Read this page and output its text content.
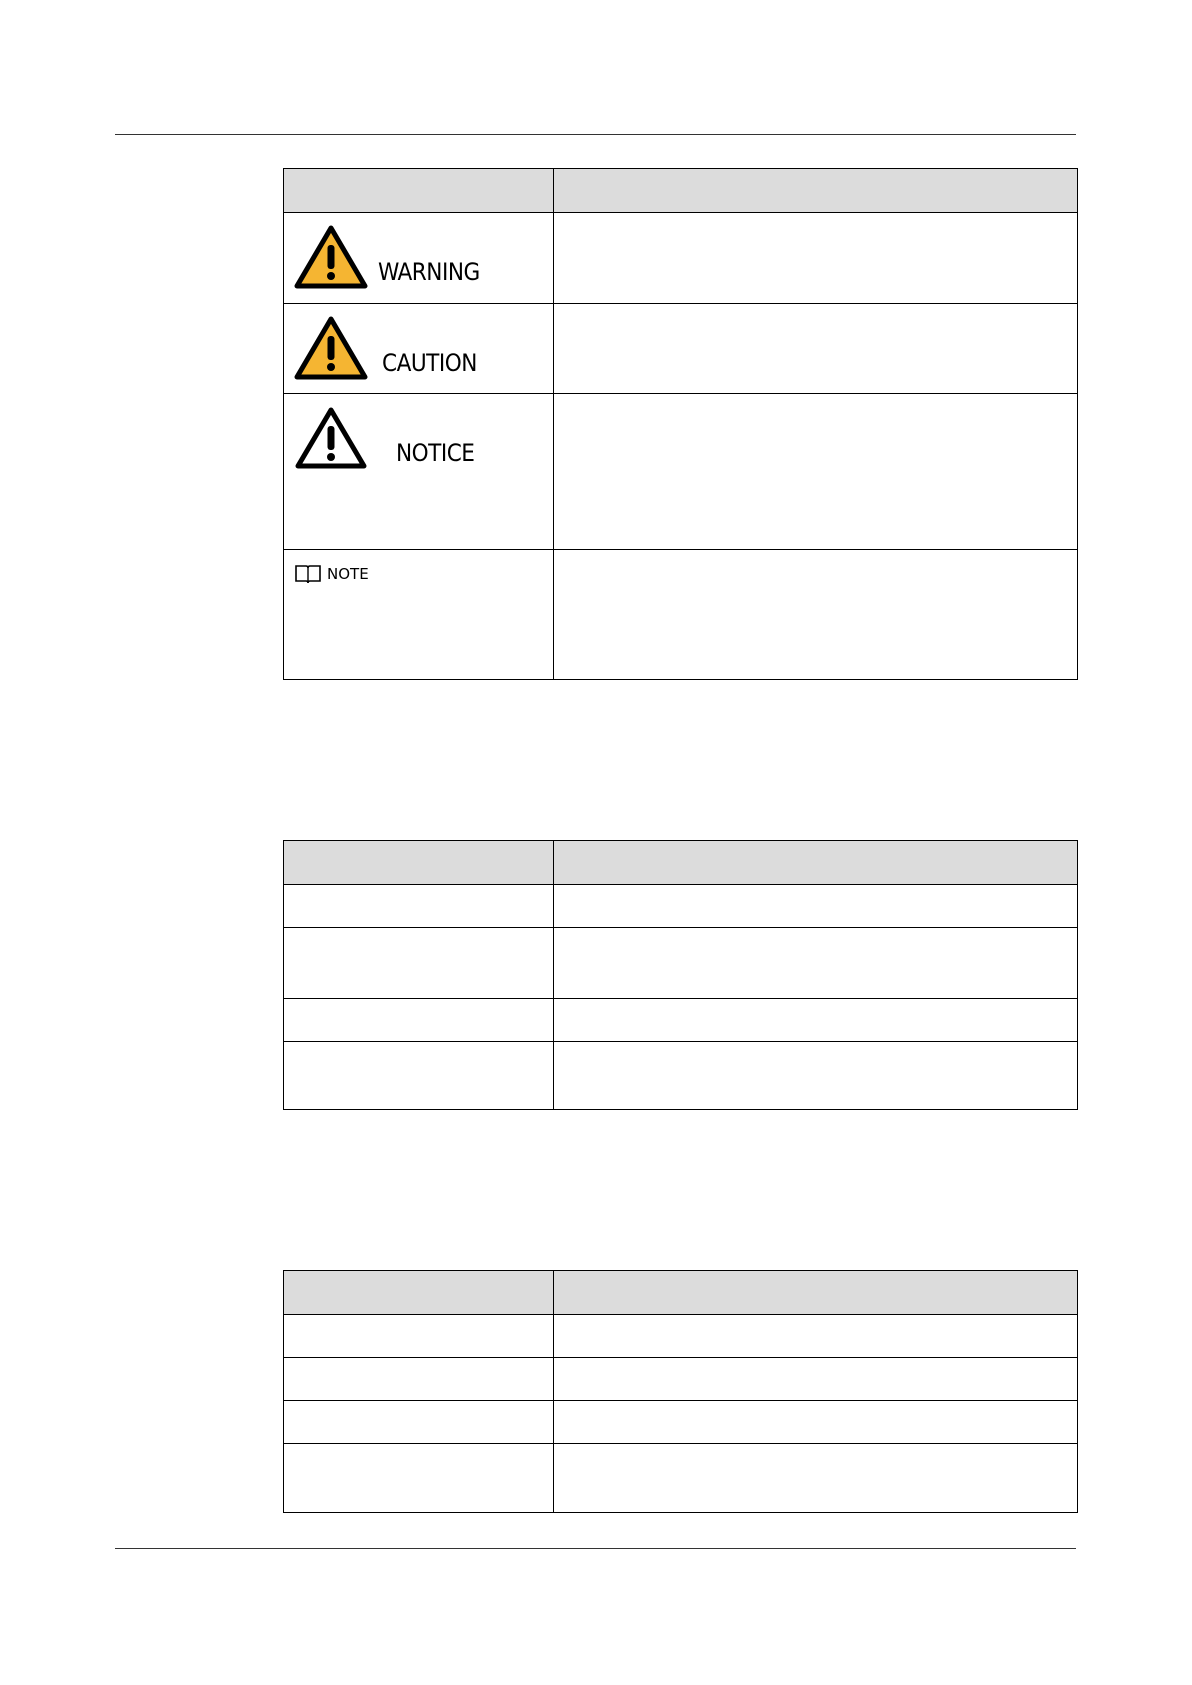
WARNING	

CAUTION	

NOTICE	

NOTE	
